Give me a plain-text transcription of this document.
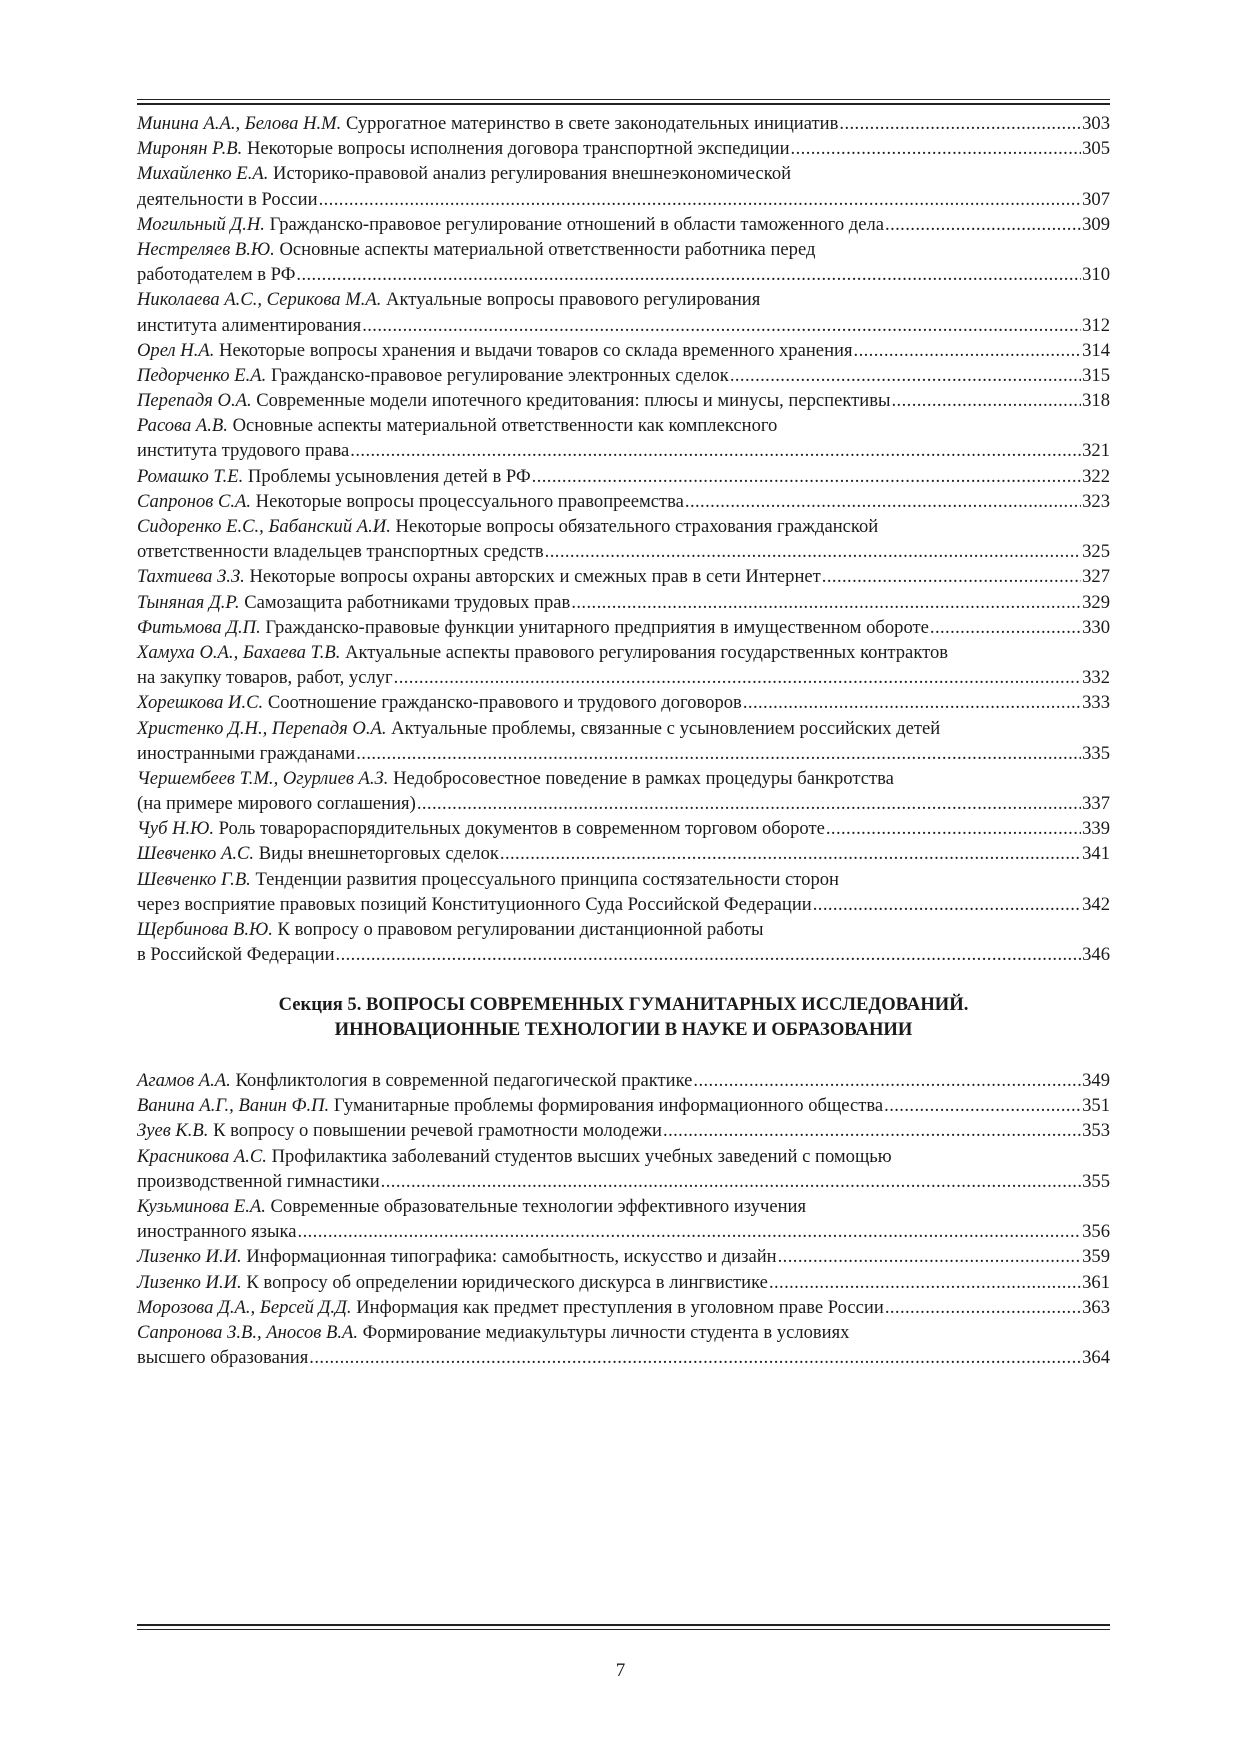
Минина А.А., Белова Н.М. Суррогатное материнство в свете законодательных инициатив .....	303
Миронян Р.В. Некоторые вопросы исполнения договора транспортной экспедиции .....	305
Михайленко Е.А. Историко-правовой анализ регулирования внешнеэкономической
деятельности в России .....	307
Могильный Д.Н. Гражданско-правовое регулирование отношений в области таможенного дела .....	309
Нестреляев В.Ю. Основные аспекты материальной ответственности работника перед
работодателем в РФ .....	310
Николаева А.С., Серикова М.А. Актуальные вопросы правового регулирования
института алиментирования .....	312
Орел Н.А. Некоторые вопросы хранения и выдачи товаров со склада временного хранения .....	314
Педорченко Е.А. Гражданско-правовое регулирование электронных сделок .....	315
Перепадя О.А. Современные модели ипотечного кредитования: плюсы и минусы, перспективы .....	318
Расова А.В. Основные аспекты материальной ответственности как комплексного
института трудового права .....	321
Ромашко Т.Е. Проблемы усыновления детей в РФ .....	322
Сапронов С.А. Некоторые вопросы процессуального правопреемства .....	323
Сидоренко Е.С., Бабанский А.И. Некоторые вопросы обязательного страхования гражданской
ответственности владельцев транспортных средств .....	325
Тахтиева З.З. Некоторые вопросы охраны авторских и смежных прав в сети Интернет .....	327
Тыняная Д.Р. Самозащита работниками трудовых прав .....	329
Фитьмова Д.П. Гражданско-правовые функции унитарного предприятия в имущественном обороте .....	330
Хамуха О.А., Бахаева Т.В. Актуальные аспекты правового регулирования государственных контрактов
на закупку товаров, работ, услуг .....	332
Хорешкова И.С. Соотношение гражданско-правового и трудового договоров .....	333
Христенко Д.Н., Перепадя О.А. Актуальные проблемы, связанные с усыновлением российских детей
иностранными гражданами .....	335
Чершембеев Т.М., Огурлиев А.З. Недобросовестное поведение в рамках процедуры банкротства
(на примере мирового соглашения) .....	337
Чуб Н.Ю. Роль товарораспорядительных документов в современном торговом обороте .....	339
Шевченко А.С. Виды внешнеторговых сделок .....	341
Шевченко Г.В. Тенденции развития процессуального принципа состязательности сторон
через восприятие правовых позиций Конституционного Суда Российской Федерации .....	342
Щербинова В.Ю. К вопросу о правовом регулировании дистанционной работы
в Российской Федерации .....	346
Секция 5. ВОПРОСЫ СОВРЕМЕННЫХ ГУМАНИТАРНЫХ ИССЛЕДОВАНИЙ.
ИННОВАЦИОННЫЕ ТЕХНОЛОГИИ В НАУКЕ И ОБРАЗОВАНИИ
Агамов А.А. Конфликтология в современной педагогической практике .....	349
Ванина А.Г., Ванин Ф.П. Гуманитарные проблемы формирования информационного общества .....	351
Зуев К.В. К вопросу о повышении речевой грамотности молодежи .....	353
Красникова А.С. Профилактика заболеваний студентов высших учебных заведений с помощью
производственной гимнастики .....	355
Кузьминова Е.А. Современные образовательные технологии эффективного изучения
иностранного языка .....	356
Лизенко И.И. Информационная типографика: самобытность, искусство и дизайн .....	359
Лизенко И.И. К вопросу об определении юридического дискурса в лингвистике .....	361
Морозова Д.А., Берсей Д.Д. Информация как предмет преступления в уголовном праве России .....	363
Сапронова З.В., Аносов В.А. Формирование медиакультуры личности студента в условиях
высшего образования .....	364
7
